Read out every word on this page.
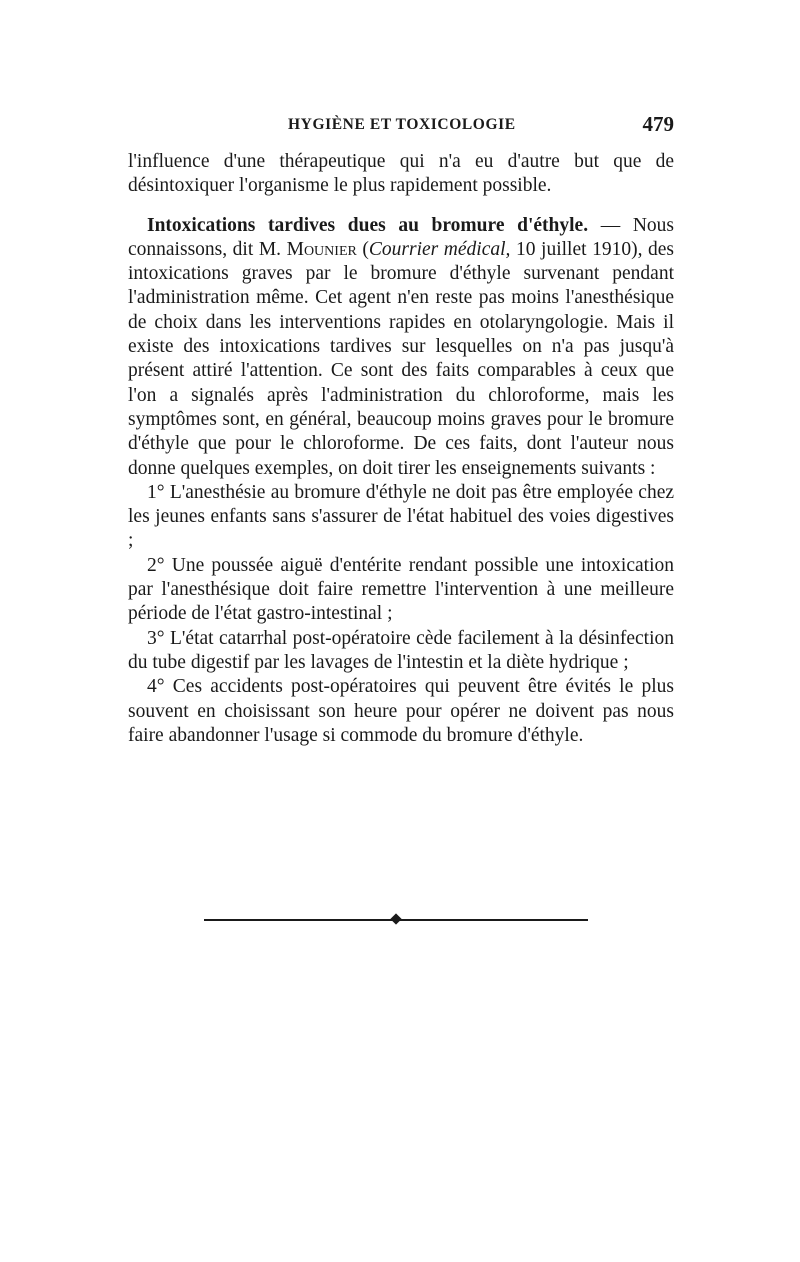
HYGIÈNE ET TOXICOLOGIE	479

l'influence d'une thérapeutique qui n'a eu d'autre but que de désintoxiquer l'organisme le plus rapidement possible.

Intoxications tardives dues au bromure d'éthyle. — Nous connaissons, dit M. Mounier (Courrier médical, 10 juillet 1910), des intoxications graves par le bromure d'éthyle survenant pendant l'administration même. Cet agent n'en reste pas moins l'anesthésique de choix dans les interventions rapides en otolaryngologie. Mais il existe des intoxications tardives sur lesquelles on n'a pas jusqu'à présent attiré l'attention. Ce sont des faits comparables à ceux que l'on a signalés après l'administration du chloroforme, mais les symptômes sont, en général, beaucoup moins graves pour le bromure d'éthyle que pour le chloroforme. De ces faits, dont l'auteur nous donne quelques exemples, on doit tirer les enseignements suivants :

1° L'anesthésie au bromure d'éthyle ne doit pas être employée chez les jeunes enfants sans s'assurer de l'état habituel des voies digestives ;

2° Une poussée aiguë d'entérite rendant possible une intoxication par l'anesthésique doit faire remettre l'intervention à une meilleure période de l'état gastro-intestinal ;

3° L'état catarrhal post-opératoire cède facilement à la désinfection du tube digestif par les lavages de l'intestin et la diète hydrique ;

4° Ces accidents post-opératoires qui peuvent être évités le plus souvent en choisissant son heure pour opérer ne doivent pas nous faire abandonner l'usage si commode du bromure d'éthyle.
